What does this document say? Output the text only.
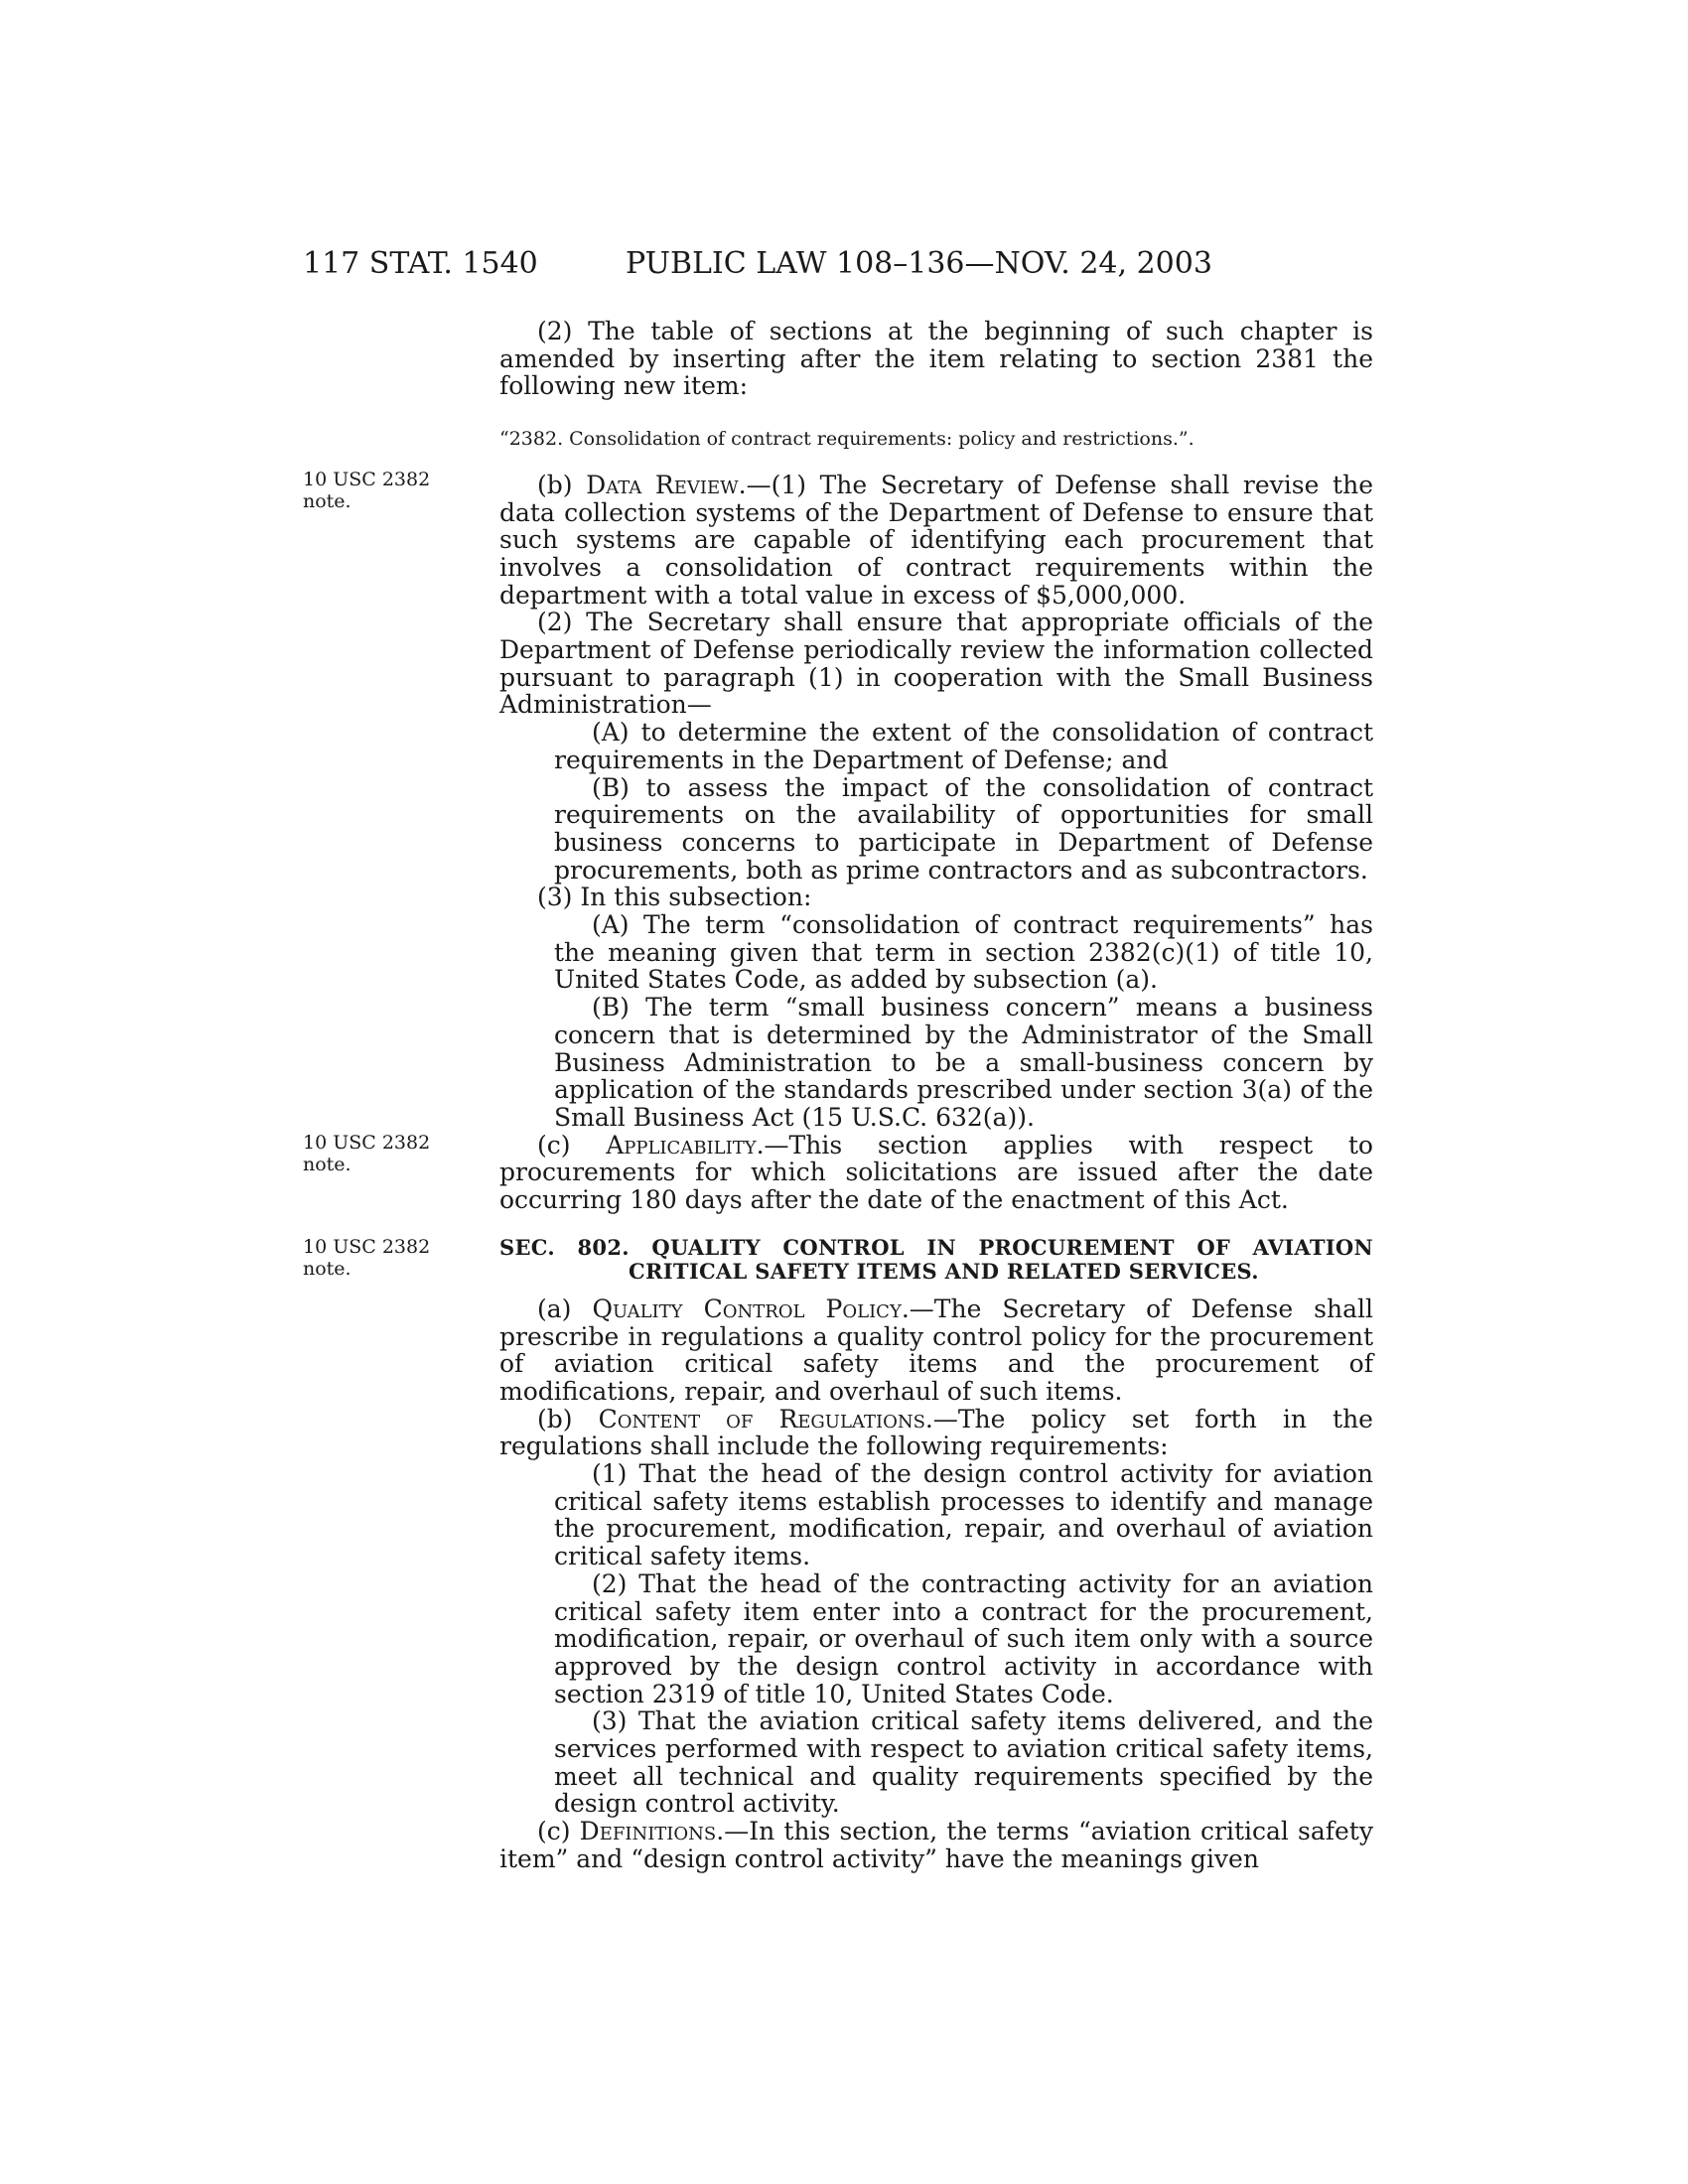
117 STAT. 1540	PUBLIC LAW 108–136—NOV. 24, 2003
10 USC 2382
note.
10 USC 2382
note.
10 USC 2382
note.

(2) The table of sections at the beginning of such chapter is amended by inserting after the item relating to section 2381 the following new item:

“2382. Consolidation of contract requirements: policy and restrictions.”.

(b) Data Review.—(1) The Secretary of Defense shall revise the data collection systems of the Department of Defense to ensure that such systems are capable of identifying each procurement that involves a consolidation of contract requirements within the department with a total value in excess of $5,000,000.

(2) The Secretary shall ensure that appropriate officials of the Department of Defense periodically review the information collected pursuant to paragraph (1) in cooperation with the Small Business Administration—

(A) to determine the extent of the consolidation of contract requirements in the Department of Defense; and

(B) to assess the impact of the consolidation of contract requirements on the availability of opportunities for small business concerns to participate in Department of Defense procurements, both as prime contractors and as subcontractors.

(3) In this subsection:

(A) The term “consolidation of contract requirements” has the meaning given that term in section 2382(c)(1) of title 10, United States Code, as added by subsection (a).

(B) The term “small business concern” means a business concern that is determined by the Administrator of the Small Business Administration to be a small-business concern by application of the standards prescribed under section 3(a) of the Small Business Act (15 U.S.C. 632(a)).

(c) Applicability.—This section applies with respect to procurements for which solicitations are issued after the date occurring 180 days after the date of the enactment of this Act.

SEC. 802. QUALITY CONTROL IN PROCUREMENT OF AVIATION CRITICAL SAFETY ITEMS AND RELATED SERVICES.

(a) Quality Control Policy.—The Secretary of Defense shall prescribe in regulations a quality control policy for the procurement of aviation critical safety items and the procurement of modifications, repair, and overhaul of such items.

(b) Content of Regulations.—The policy set forth in the regulations shall include the following requirements:

(1) That the head of the design control activity for aviation critical safety items establish processes to identify and manage the procurement, modification, repair, and overhaul of aviation critical safety items.

(2) That the head of the contracting activity for an aviation critical safety item enter into a contract for the procurement, modification, repair, or overhaul of such item only with a source approved by the design control activity in accordance with section 2319 of title 10, United States Code.

(3) That the aviation critical safety items delivered, and the services performed with respect to aviation critical safety items, meet all technical and quality requirements specified by the design control activity.

(c) Definitions.—In this section, the terms “aviation critical safety item” and “design control activity” have the meanings given
